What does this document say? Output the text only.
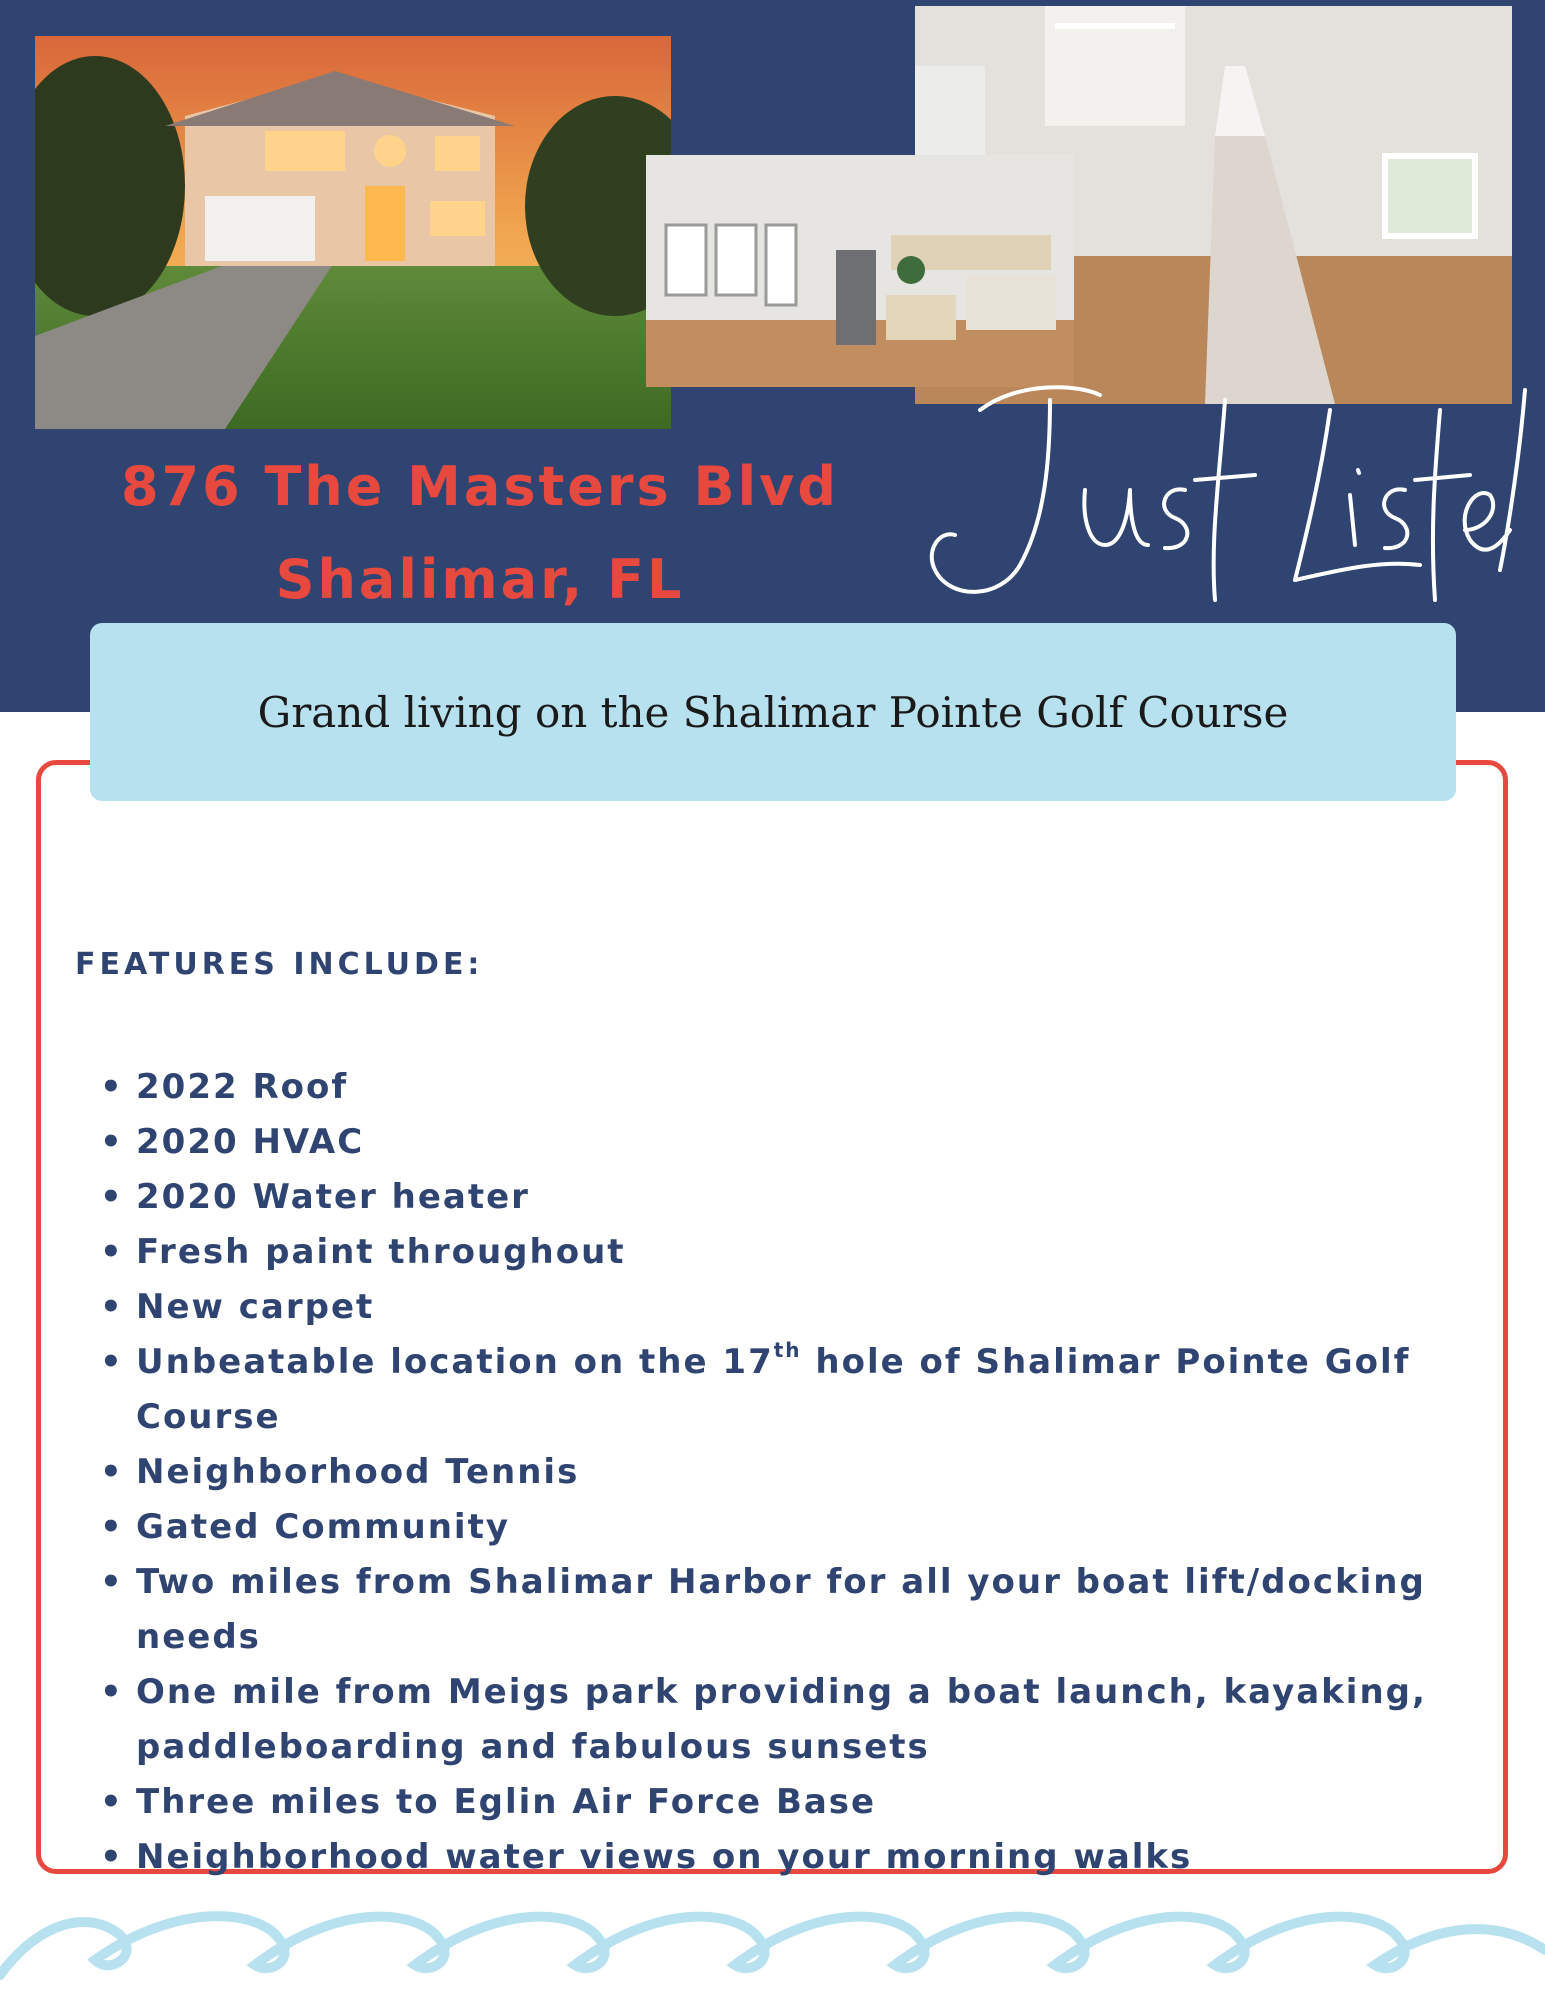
876 The Masters Blvd
Shalimar, FL
Grand living on the Shalimar Pointe Golf Course
FEATURES INCLUDE:
• 2022 Roof
• 2020 HVAC
• 2020 Water heater
• Fresh paint throughout
• New carpet
• Unbeatable location on the 17th hole of Shalimar Pointe Golf Course
• Neighborhood Tennis
• Gated Community
• Two miles from Shalimar Harbor for all your boat lift/docking needs
• One mile from Meigs park providing a boat launch, kayaking, paddleboarding and fabulous sunsets
• Three miles to Eglin Air Force Base
• Neighborhood water views on your morning walks
